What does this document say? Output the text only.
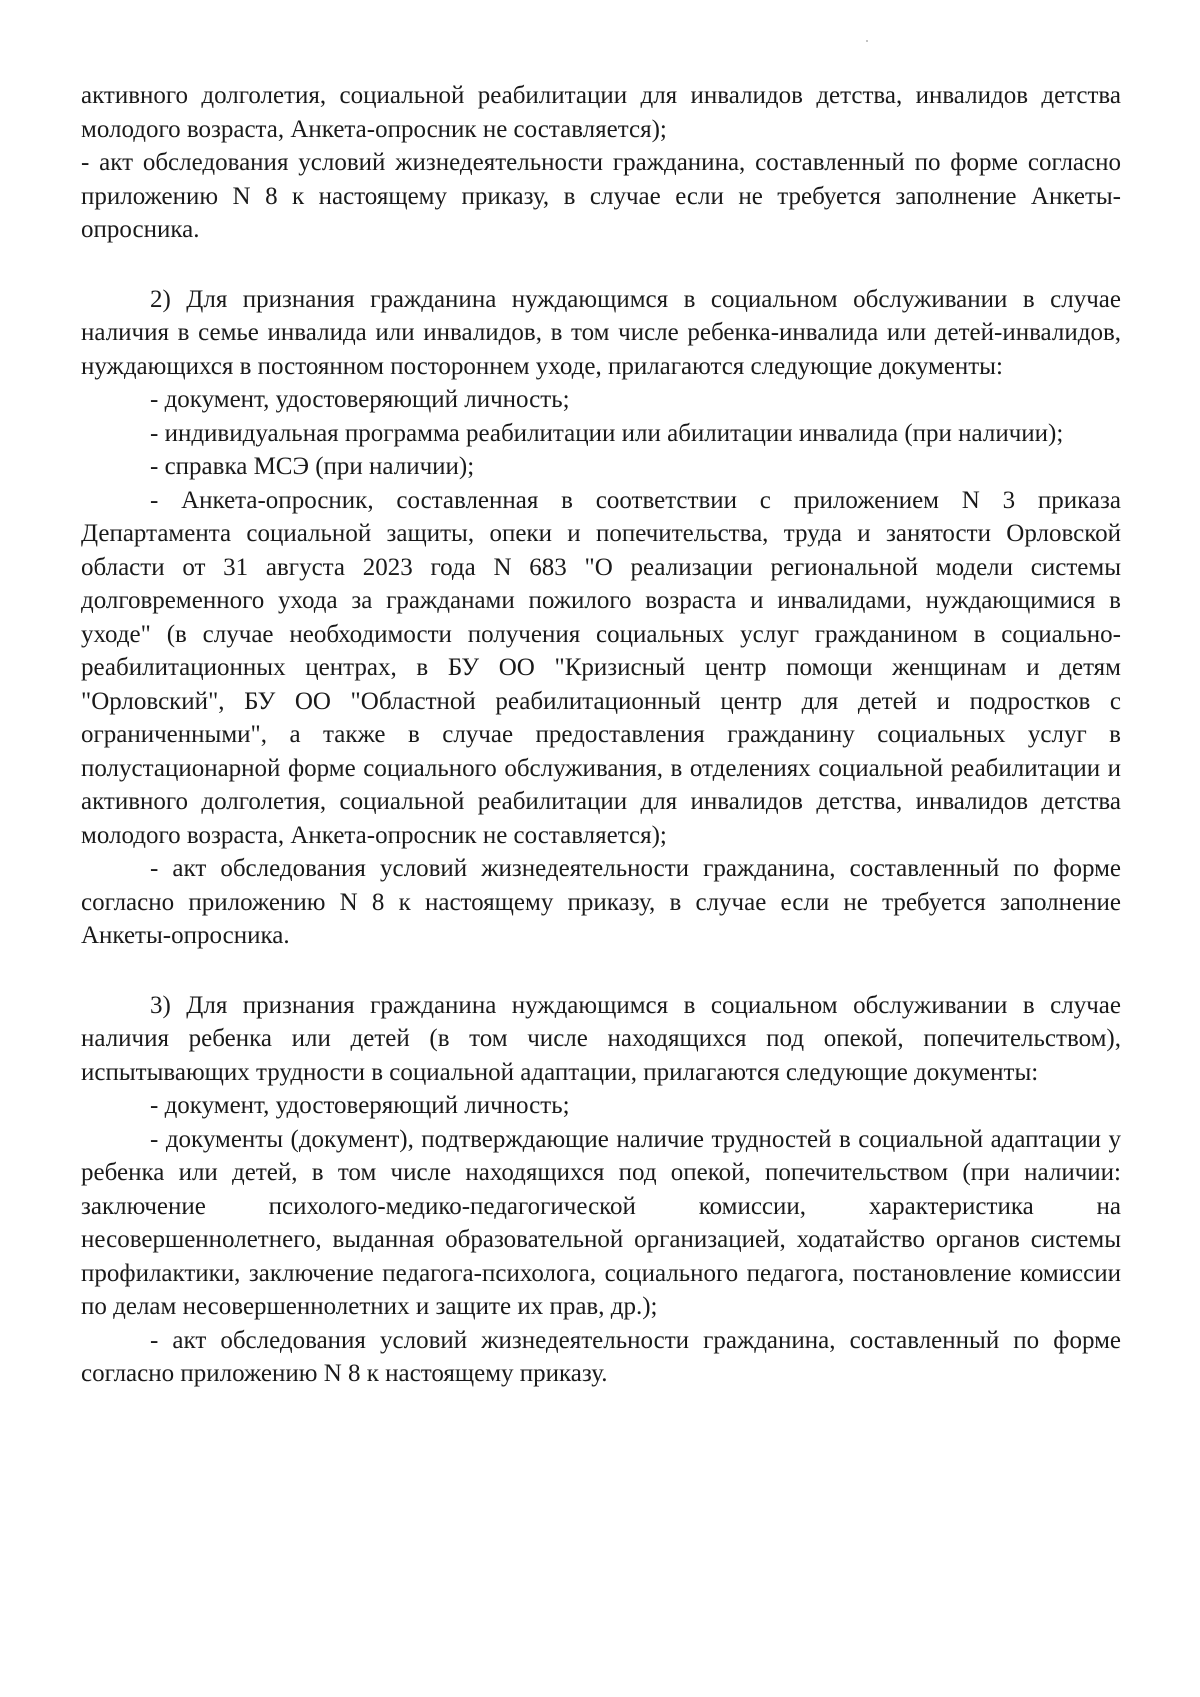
активного долголетия, социальной реабилитации для инвалидов детства, инвалидов детства молодого возраста, Анкета-опросник не составляется);

- акт обследования условий жизнедеятельности гражданина, составленный по форме согласно приложению N 8 к настоящему приказу, в случае если не требуется заполнение Анкеты-опросника.

2) Для признания гражданина нуждающимся в социальном обслуживании в случае наличия в семье инвалида или инвалидов, в том числе ребенка-инвалида или детей-инвалидов, нуждающихся в постоянном постороннем уходе, прилагаются следующие документы:

- документ, удостоверяющий личность;

- индивидуальная программа реабилитации или абилитации инвалида (при наличии);

- справка МСЭ (при наличии);

- Анкета-опросник, составленная в соответствии с приложением N 3 приказа Департамента социальной защиты, опеки и попечительства, труда и занятости Орловской области от 31 августа 2023 года N 683 "О реализации региональной модели системы долговременного ухода за гражданами пожилого возраста и инвалидами, нуждающимися в уходе" (в случае необходимости получения социальных услуг гражданином в социально-реабилитационных центрах, в БУ ОО "Кризисный центр помощи женщинам и детям "Орловский", БУ ОО "Областной реабилитационный центр для детей и подростков с ограниченными", а также в случае предоставления гражданину социальных услуг в полустационарной форме социального обслуживания, в отделениях социальной реабилитации и активного долголетия, социальной реабилитации для инвалидов детства, инвалидов детства молодого возраста, Анкета-опросник не составляется);

- акт обследования условий жизнедеятельности гражданина, составленный по форме согласно приложению N 8 к настоящему приказу, в случае если не требуется заполнение Анкеты-опросника.

3) Для признания гражданина нуждающимся в социальном обслуживании в случае наличия ребенка или детей (в том числе находящихся под опекой, попечительством), испытывающих трудности в социальной адаптации, прилагаются следующие документы:

- документ, удостоверяющий личность;

- документы (документ), подтверждающие наличие трудностей в социальной адаптации у ребенка или детей, в том числе находящихся под опекой, попечительством (при наличии: заключение психолого-медико-педагогической комиссии, характеристика на несовершеннолетнего, выданная образовательной организацией, ходатайство органов системы профилактики, заключение педагога-психолога, социального педагога, постановление комиссии по делам несовершеннолетних и защите их прав, др.);

- акт обследования условий жизнедеятельности гражданина, составленный по форме согласно приложению N 8 к настоящему приказу.
